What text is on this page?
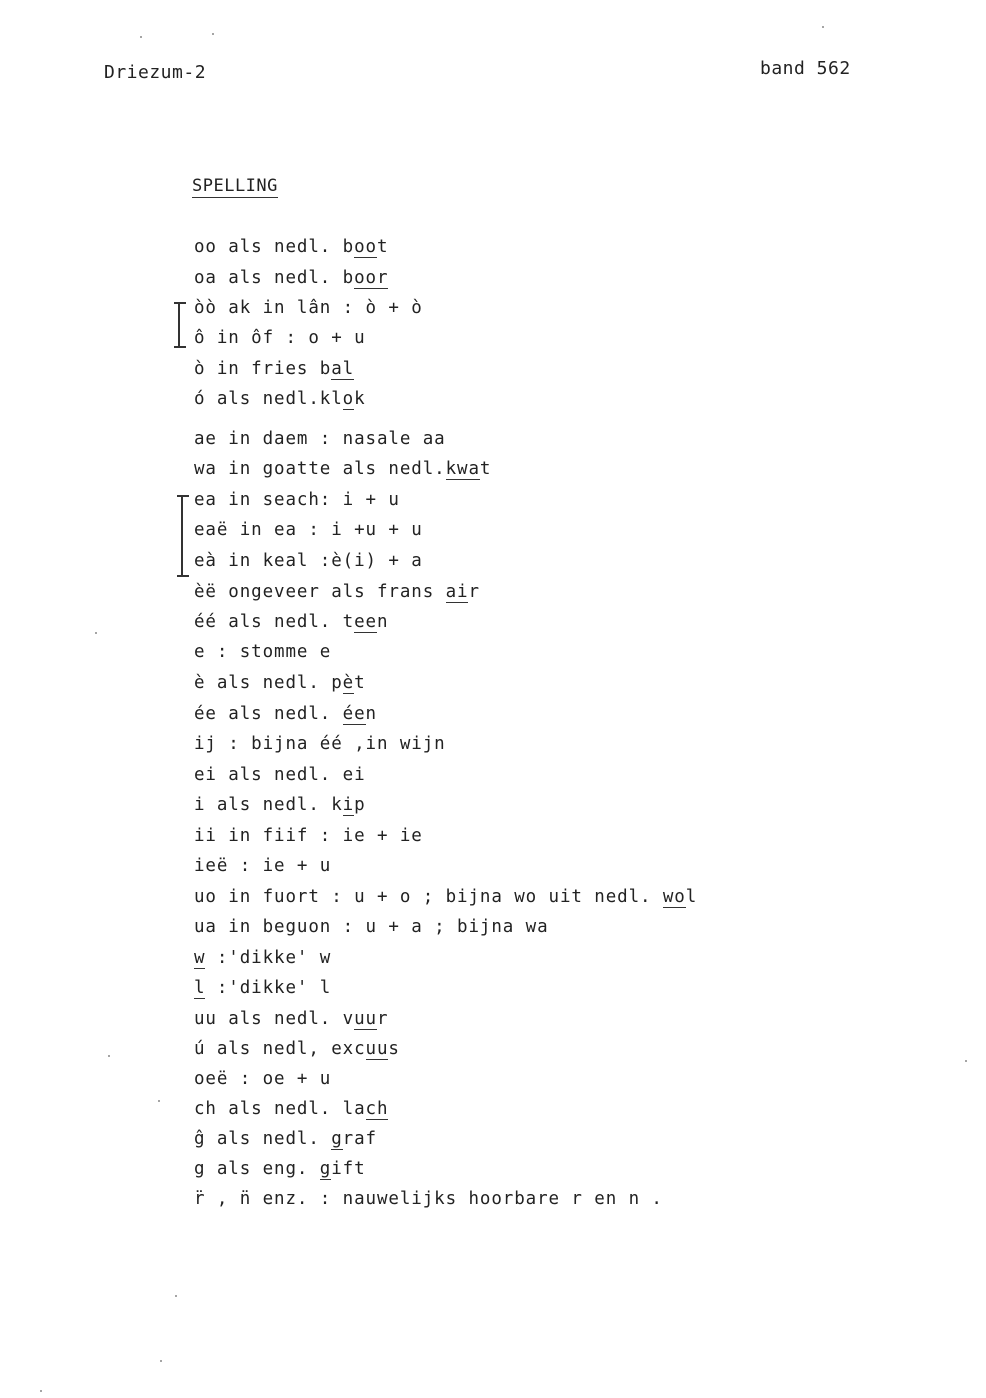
Driezum-2	band 562
SPELLING
oo als nedl. boot
oa als nedl. boor
òò ak in lân : ò + ò
ô in ôf : o + u
ò in fries bal
ó als nedl.klok
ae in daem : nasale aa
wa in goatte als nedl.kwat
ea in seach: i + u
eaë in ea : i +u + u
eà in keal :è(i) + a
èë ongeveer als frans air
éé als nedl. teen
e : stomme e
è als nedl. pèt
ée als nedl. éen
ij : bijna éé ,in wijn
ei als nedl. ei
i als nedl. kip
ii in fiif : ie + ie
ieë : ie + u
uo in fuort : u + o ; bijna wo uit nedl. wol
ua in beguon : u + a ; bijna wa
w :'dikke' w
l :'dikke' l
uu als nedl. vuur
ú als nedl, excuus
oeë : oe + u
ch als nedl. lach
ĝ als nedl. graf
g als eng. gift
r̈ , n̈ enz. : nauwelijks hoorbare r en n .
